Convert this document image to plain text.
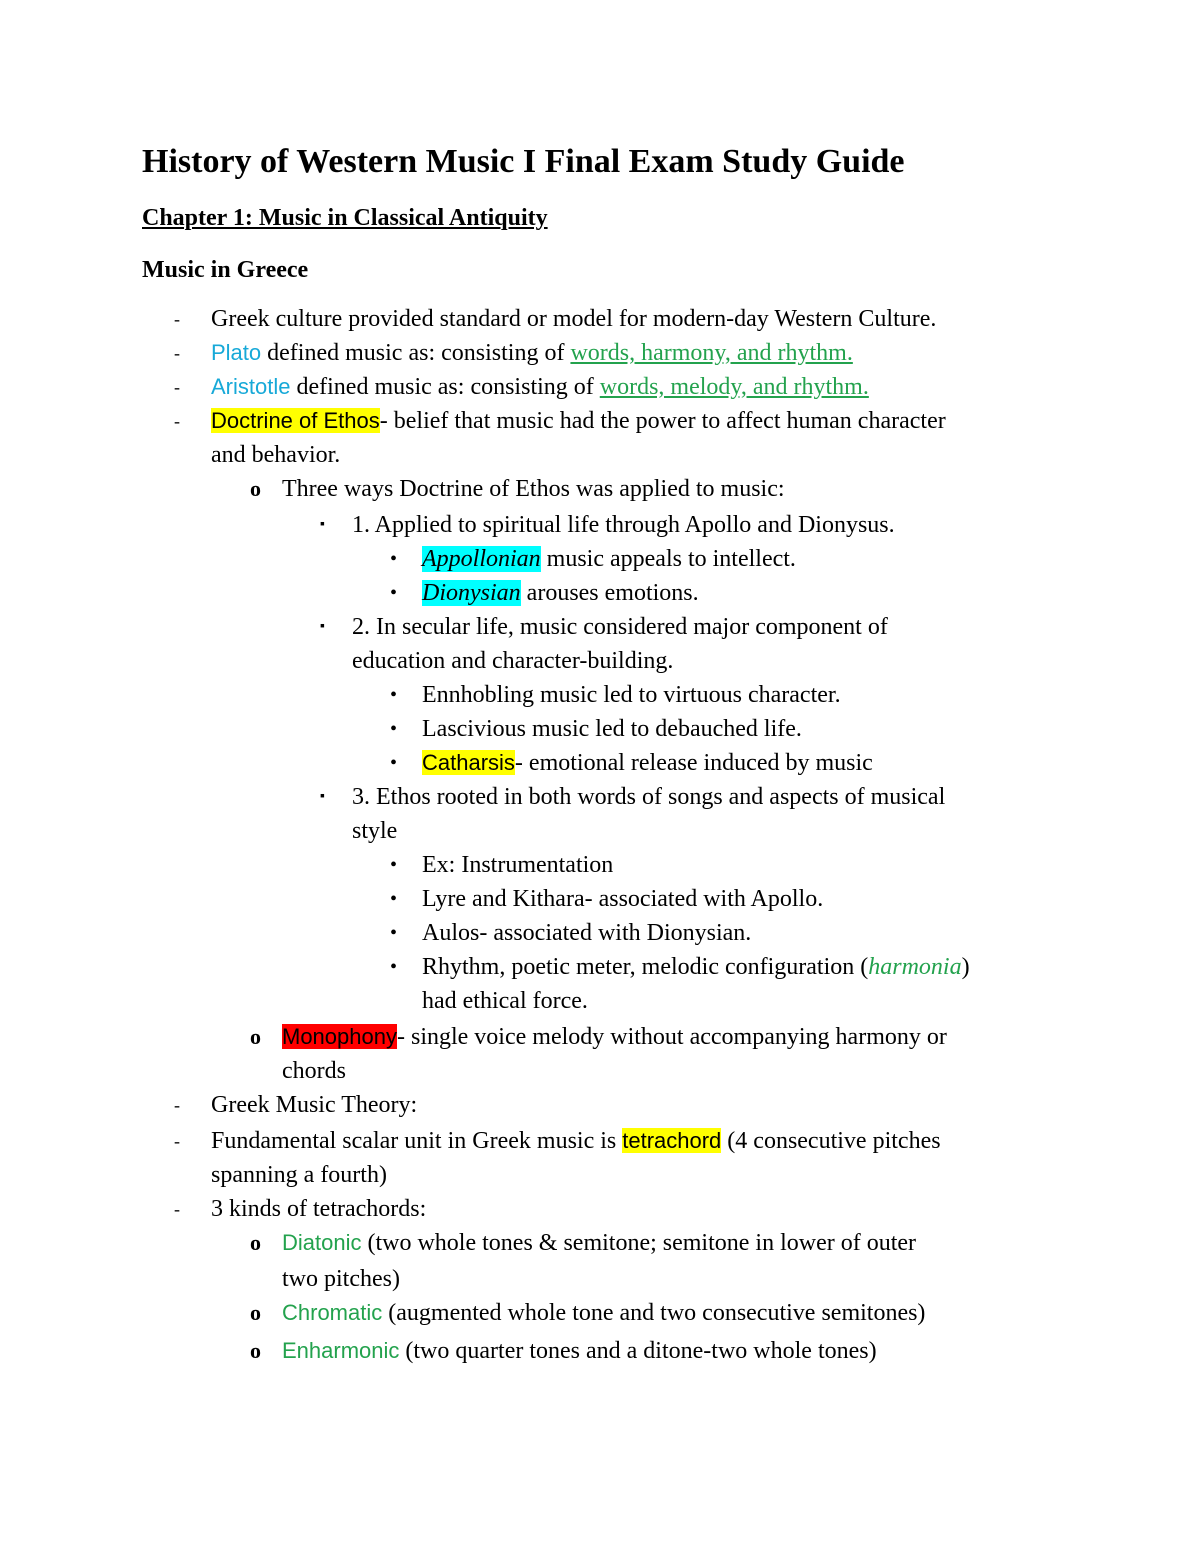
History of Western Music I Final Exam Study Guide
Chapter 1: Music in Classical Antiquity
Music in Greece
- Greek culture provided standard or model for modern-day Western Culture.
- Plato defined music as: consisting of words, harmony, and rhythm.
- Aristotle defined music as: consisting of words, melody, and rhythm.
- Doctrine of Ethos- belief that music had the power to affect human character
and behavior.
o Three ways Doctrine of Ethos was applied to music:
▪ 1. Applied to spiritual life through Apollo and Dionysus.
• Appollonian music appeals to intellect.
• Dionysian arouses emotions.
▪ 2. In secular life, music considered major component of
education and character-building.
• Ennhobling music led to virtuous character.
• Lascivious music led to debauched life.
• Catharsis- emotional release induced by music
▪ 3. Ethos rooted in both words of songs and aspects of musical
style
• Ex: Instrumentation
• Lyre and Kithara- associated with Apollo.
• Aulos- associated with Dionysian.
• Rhythm, poetic meter, melodic configuration (harmonia)
had ethical force.
o Monophony- single voice melody without accompanying harmony or
chords
- Greek Music Theory:
- Fundamental scalar unit in Greek music is tetrachord (4 consecutive pitches
spanning a fourth)
- 3 kinds of tetrachords:
o Diatonic (two whole tones & semitone; semitone in lower of outer
two pitches)
o Chromatic (augmented whole tone and two consecutive semitones)
o Enharmonic (two quarter tones and a ditone-two whole tones)
